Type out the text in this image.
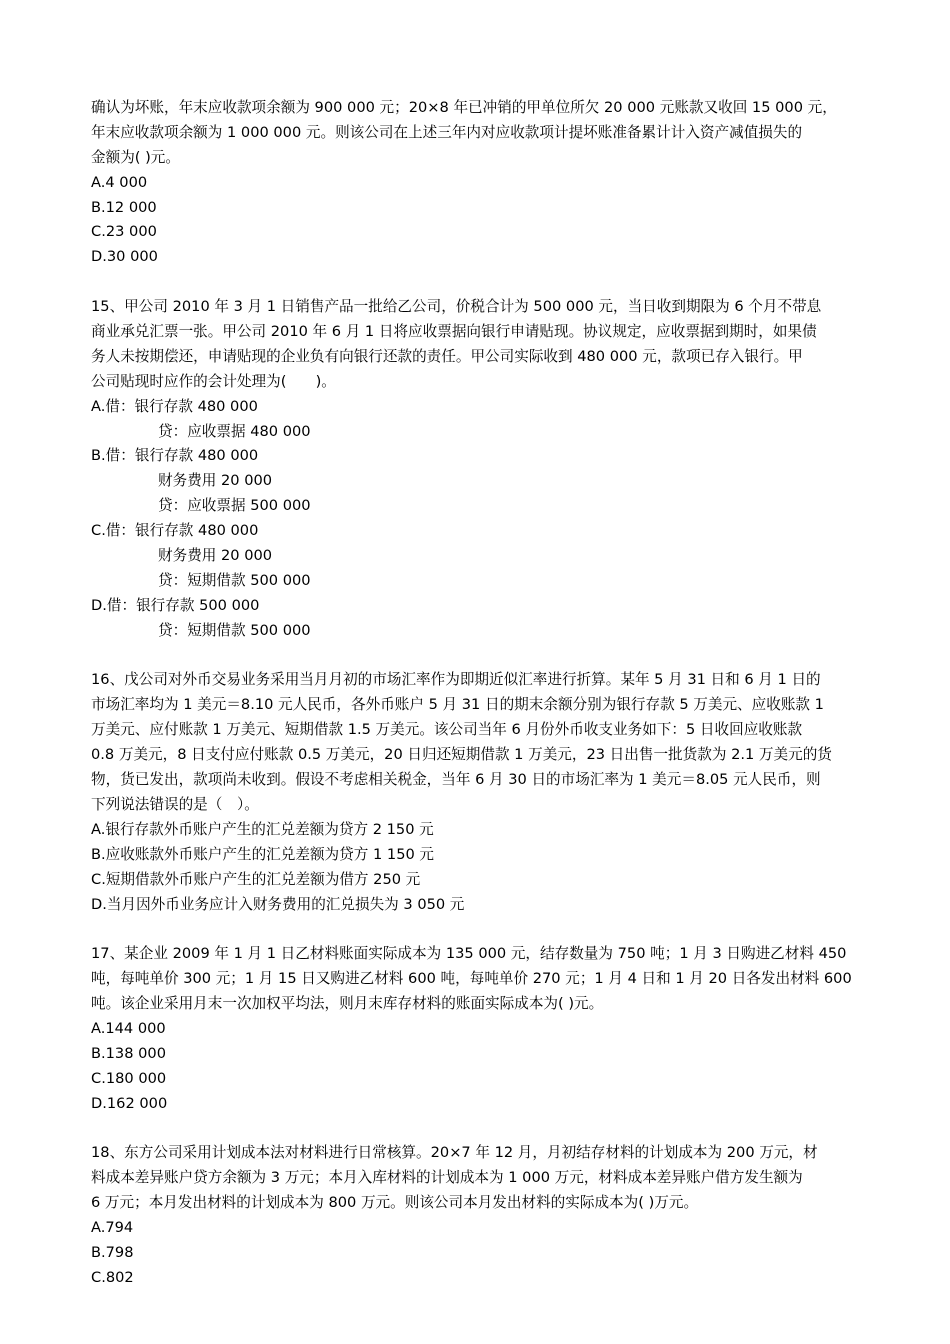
确认为坏账，年末应收款项余额为 900 000 元；20×8 年已冲销的甲单位所欠 20 000 元账款又收回 15 000 元，
年末应收款项余额为 1 000 000 元。则该公司在上述三年内对应收款项计提坏账准备累计计入资产减值损失的
金额为( )元。
A.4 000
B.12 000
C.23 000
D.30 000
15、甲公司 2010 年 3 月 1 日销售产品一批给乙公司，价税合计为 500 000 元，当日收到期限为 6 个月不带息
商业承兑汇票一张。甲公司 2010 年 6 月 1 日将应收票据向银行申请贴现。协议规定，应收票据到期时，如果债
务人未按期偿还，申请贴现的企业负有向银行还款的责任。甲公司实际收到 480 000 元，款项已存入银行。甲
公司贴现时应作的会计处理为(　　)。
A.借：银行存款 480 000
贷：应收票据 480 000
B.借：银行存款 480 000
财务费用 20 000
贷：应收票据 500 000
C.借：银行存款 480 000
财务费用 20 000
贷：短期借款 500 000
D.借：银行存款 500 000
贷：短期借款 500 000
16、戊公司对外币交易业务采用当月月初的市场汇率作为即期近似汇率进行折算。某年 5 月 31 日和 6 月 1 日的
市场汇率均为 1 美元＝8.10 元人民币，各外币账户 5 月 31 日的期末余额分别为银行存款 5 万美元、应收账款 1
万美元、应付账款 1 万美元、短期借款 1.5 万美元。该公司当年 6 月份外币收支业务如下：5 日收回应收账款
0.8 万美元，8 日支付应付账款 0.5 万美元，20 日归还短期借款 1 万美元，23 日出售一批货款为 2.1 万美元的货
物，货已发出，款项尚未收到。假设不考虑相关税金，当年 6 月 30 日的市场汇率为 1 美元＝8.05 元人民币，则
下列说法错误的是（　）。
A.银行存款外币账户产生的汇兑差额为贷方 2 150 元
B.应收账款外币账户产生的汇兑差额为贷方 1 150 元
C.短期借款外币账户产生的汇兑差额为借方 250 元
D.当月因外币业务应计入财务费用的汇兑损失为 3 050 元
17、某企业 2009 年 1 月 1 日乙材料账面实际成本为 135 000 元，结存数量为 750 吨；1 月 3 日购进乙材料 450
吨，每吨单价 300 元；1 月 15 日又购进乙材料 600 吨，每吨单价 270 元；1 月 4 日和 1 月 20 日各发出材料 600
吨。该企业采用月末一次加权平均法，则月末库存材料的账面实际成本为( )元。
A.144 000
B.138 000
C.180 000
D.162 000
18、东方公司采用计划成本法对材料进行日常核算。20×7 年 12 月，月初结存材料的计划成本为 200 万元，材
料成本差异账户贷方余额为 3 万元；本月入库材料的计划成本为 1 000 万元，材料成本差异账户借方发生额为
6 万元；本月发出材料的计划成本为 800 万元。则该公司本月发出材料的实际成本为( )万元。
A.794
B.798
C.802
